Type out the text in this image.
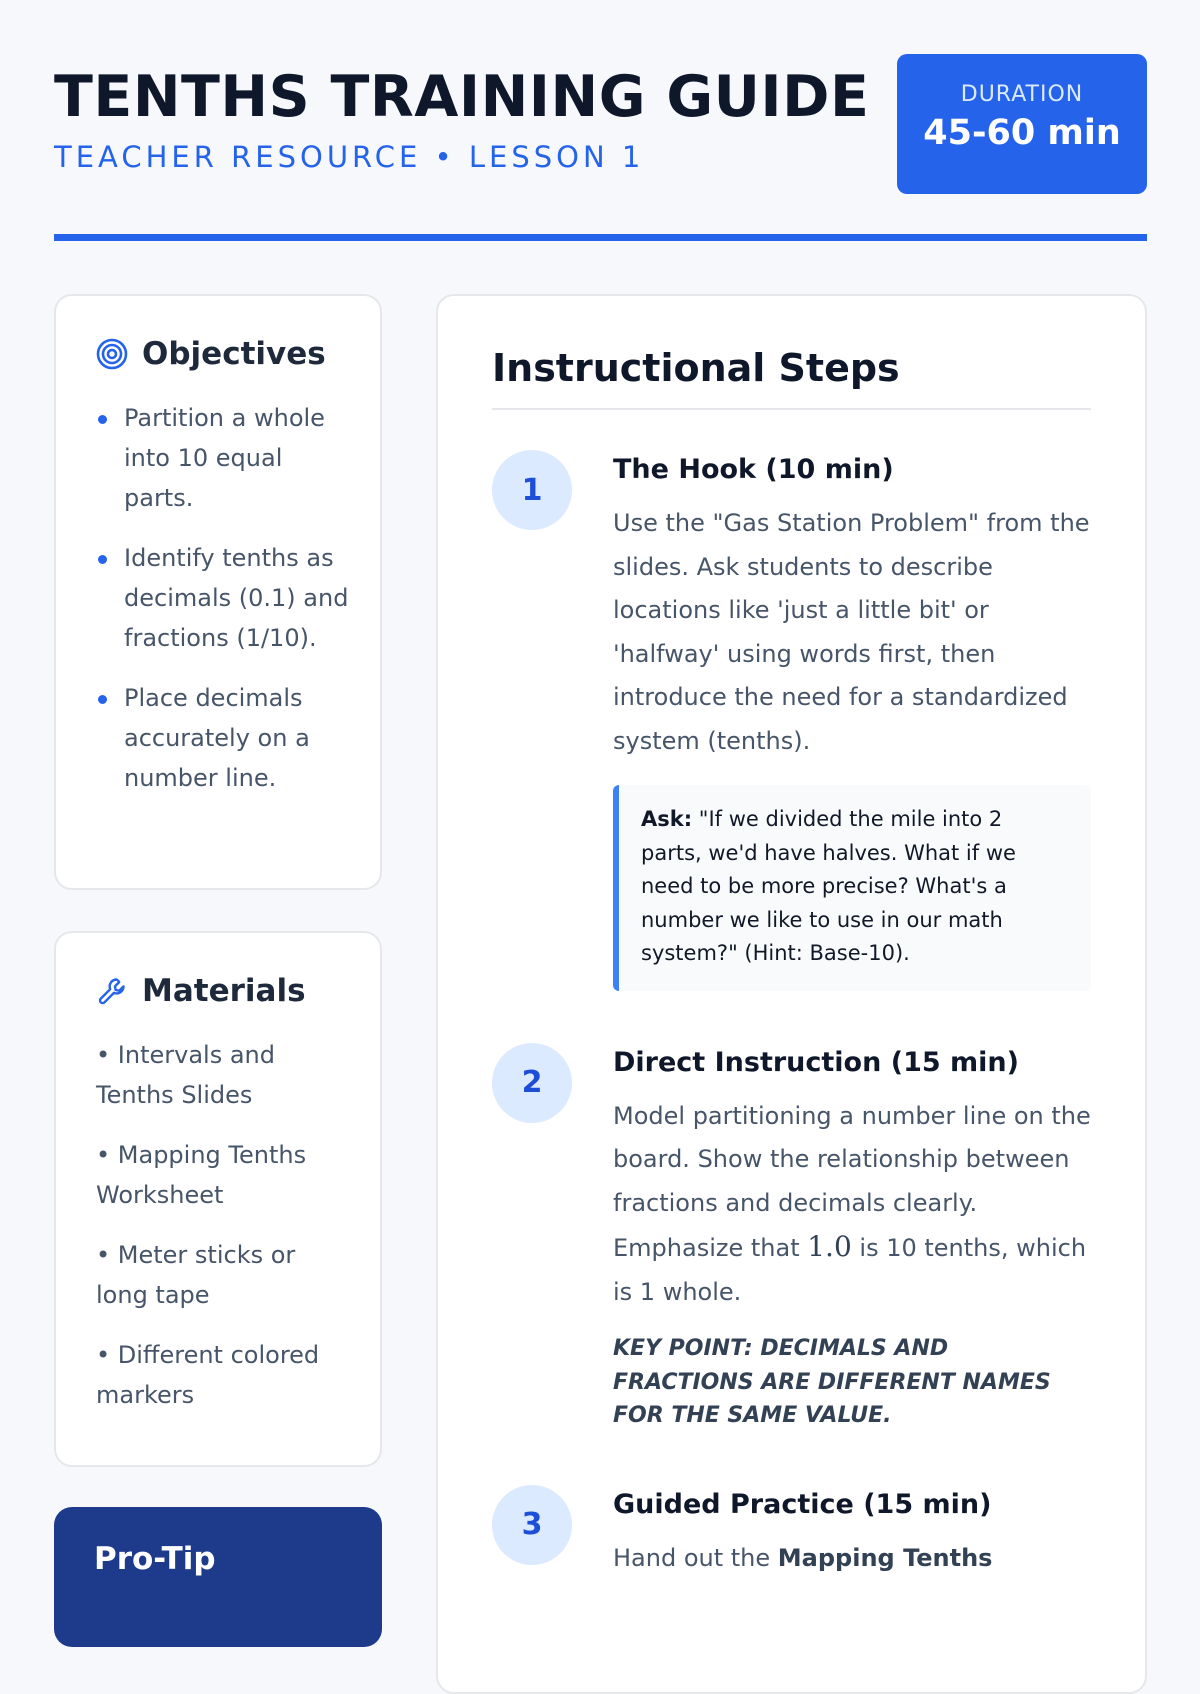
TENTHS TRAINING GUIDE
TEACHER RESOURCE • LESSON 1
DURATION
45-60 min
Objectives
Partition a whole into 10 equal parts.
Identify tenths as decimals (0.1) and fractions (1/10).
Place decimals accurately on a number line.
Materials
• Intervals and Tenths Slides
• Mapping Tenths Worksheet
• Meter sticks or long tape
• Different colored markers
Pro-Tip
Instructional Steps
1
The Hook (10 min)
Use the "Gas Station Problem" from the slides. Ask students to describe locations like 'just a little bit' or 'halfway' using words first, then introduce the need for a standardized system (tenths).
Ask: "If we divided the mile into 2 parts, we'd have halves. What if we need to be more precise? What's a number we like to use in our math system?" (Hint: Base-10).
2
Direct Instruction (15 min)
Model partitioning a number line on the board. Show the relationship between fractions and decimals clearly. Emphasize that 1.0 is 10 tenths, which is 1 whole.
KEY POINT: DECIMALS AND FRACTIONS ARE DIFFERENT NAMES FOR THE SAME VALUE.
3
Guided Practice (15 min)
Hand out the Mapping Tenths
